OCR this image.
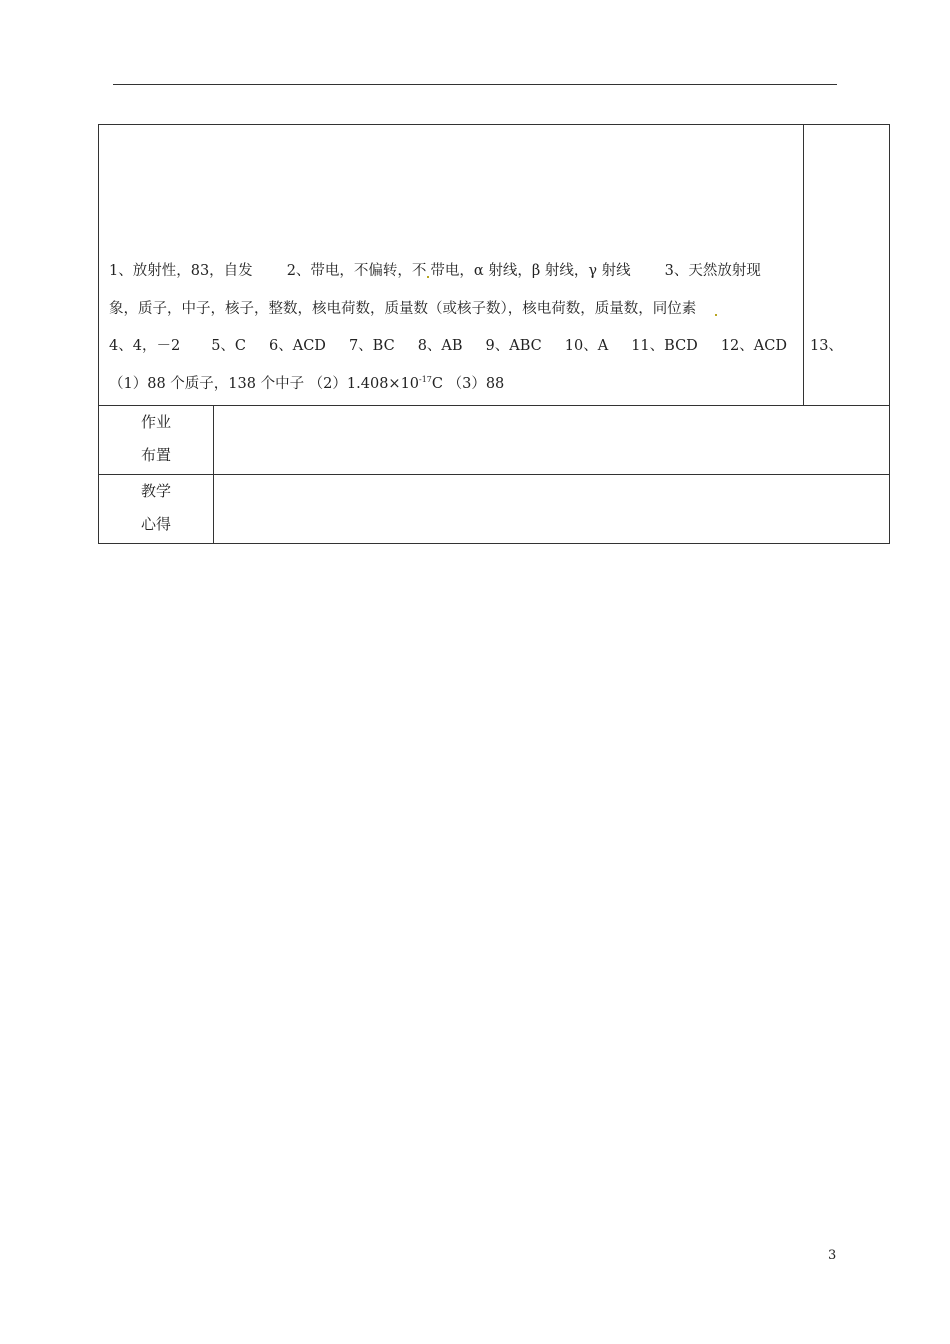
1、放射性，83，自发 2、带电，不偏转，不 带电，α 射线，β 射线，γ 射线 3、天然放射现
象，质子，中子，核子，整数，核电荷数，质量数（或核子数），核电荷数，质量数，同位素
4、4，－2 5、C 6、ACD 7、BC 8、AB 9、ABC 10、A 11、BCD 12、ACD 13、
（1）88 个质子，138 个中子 $(2)1.408\times 10^{-17}C$ （3）88		

作业
布置		

教学
心得		

3
